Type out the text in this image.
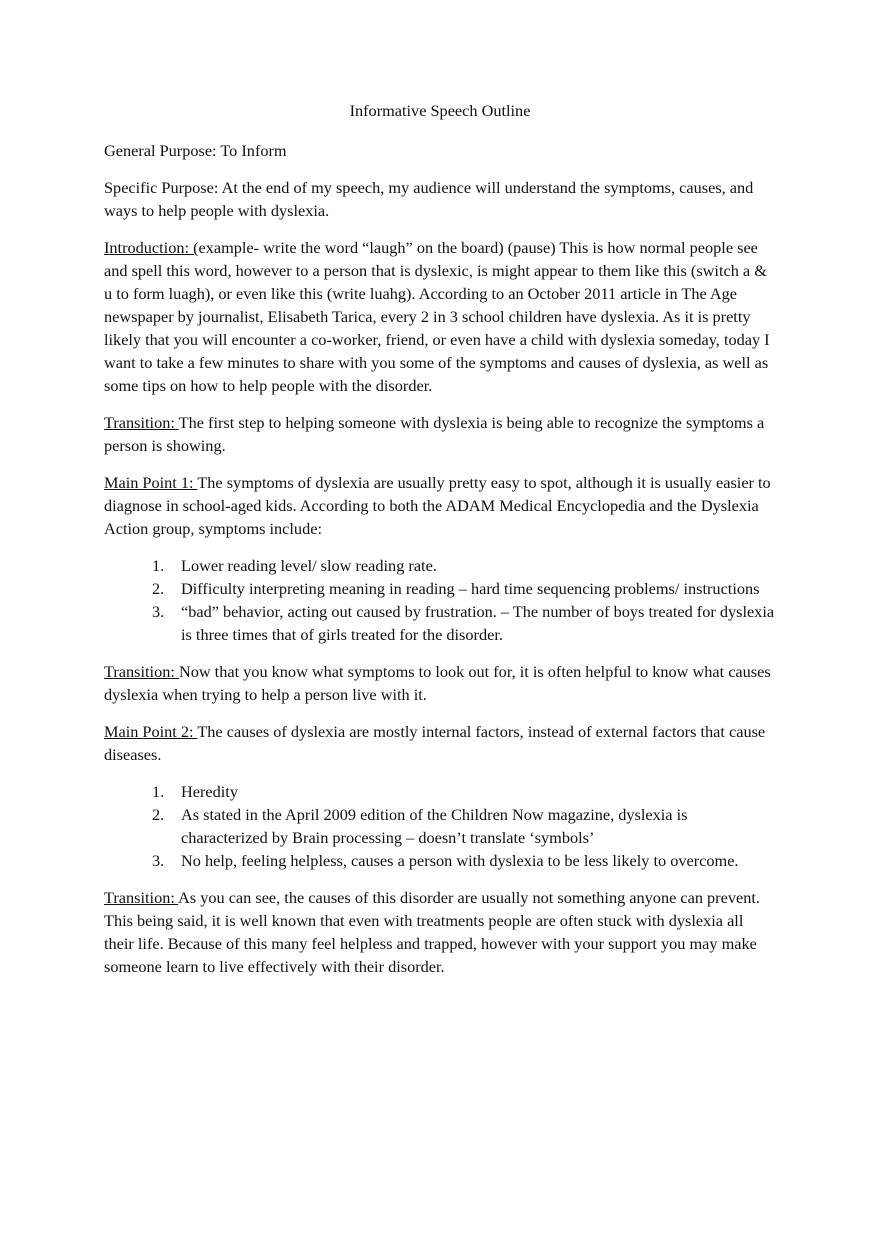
Informative Speech Outline

General Purpose: To Inform

Specific Purpose: At the end of my speech, my audience will understand the symptoms, causes, and ways to help people with dyslexia.

Introduction: (example- write the word “laugh” on the board) (pause) This is how normal people see and spell this word, however to a person that is dyslexic, is might appear to them like this (switch a & u to form luagh), or even like this (write luahg). According to an October 2011 article in The Age newspaper by journalist, Elisabeth Tarica, every 2 in 3 school children have dyslexia. As it is pretty likely that you will encounter a co-worker, friend, or even have a child with dyslexia someday, today I want to take a few minutes to share with you some of the symptoms and causes of dyslexia, as well as some tips on how to help people with the disorder.

Transition: The first step to helping someone with dyslexia is being able to recognize the symptoms a person is showing.

Main Point 1: The symptoms of dyslexia are usually pretty easy to spot, although it is usually easier to diagnose in school-aged kids. According to both the ADAM Medical Encyclopedia and the Dyslexia Action group, symptoms include:

1. Lower reading level/ slow reading rate.
2. Difficulty interpreting meaning in reading – hard time sequencing problems/ instructions
3. “bad” behavior, acting out caused by frustration. – The number of boys treated for dyslexia is three times that of girls treated for the disorder.

Transition: Now that you know what symptoms to look out for, it is often helpful to know what causes dyslexia when trying to help a person live with it.

Main Point 2: The causes of dyslexia are mostly internal factors, instead of external factors that cause diseases.

1. Heredity
2. As stated in the April 2009 edition of the Children Now magazine, dyslexia is characterized by Brain processing – doesn’t translate ‘symbols’
3. No help, feeling helpless, causes a person with dyslexia to be less likely to overcome.

Transition: As you can see, the causes of this disorder are usually not something anyone can prevent. This being said, it is well known that even with treatments people are often stuck with dyslexia all their life. Because of this many feel helpless and trapped, however with your support you may make someone learn to live effectively with their disorder.
